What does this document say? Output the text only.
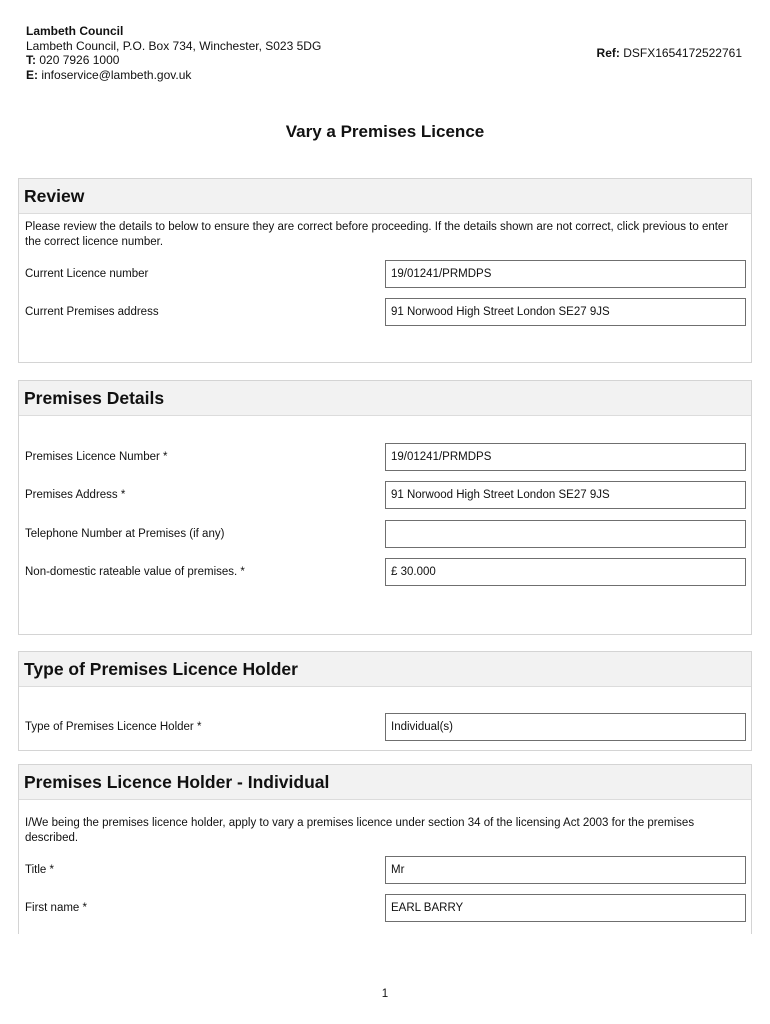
Lambeth Council
Lambeth Council, P.O. Box 734, Winchester, S023 5DG
T: 020 7926 1000
E: infoservice@lambeth.gov.uk
Ref: DSFX1654172522761
Vary a Premises Licence
Review
Please review the details to below to ensure they are correct before proceeding. If the details shown are not correct, click previous to enter the correct licence number.
Current Licence number	19/01241/PRMDPS
Current Premises address	91 Norwood High Street London SE27 9JS
Premises Details
Premises Licence Number *	19/01241/PRMDPS
Premises Address *	91 Norwood High Street London SE27 9JS
Telephone Number at Premises (if any)
Non-domestic rateable value of premises. *	£ 30.000
Type of Premises Licence Holder
Type of Premises Licence Holder *	Individual(s)
Premises Licence Holder - Individual
I/We being the premises licence holder, apply to vary a premises licence under section 34 of the licensing Act 2003 for the premises described.
Title *	Mr
First name *	EARL BARRY
1
